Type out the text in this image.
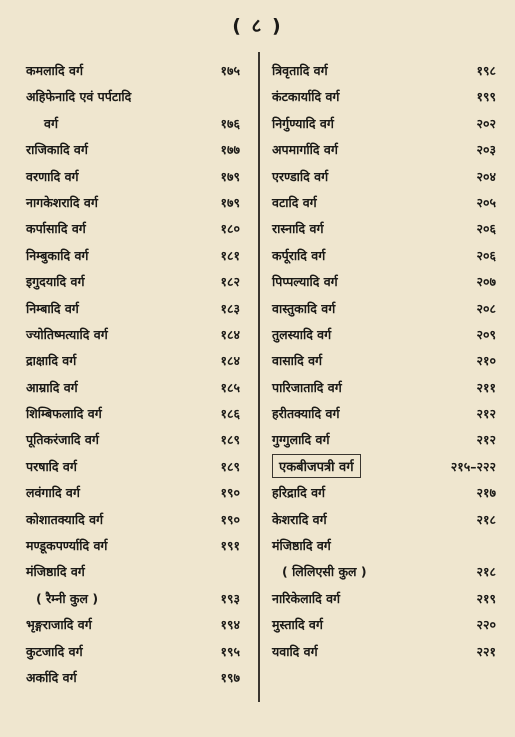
( ८ )
कमलादि वर्ग	१७५
अहिफेनादि एवं पर्पटादि
वर्ग	१७६
राजिकादि वर्ग	१७७
वरणादि वर्ग	१७९
नागकेशरादि वर्ग	१७९
कर्पासादि वर्ग	१८०
निम्बुकादि वर्ग	१८१
इगुदयादि वर्ग	१८२
निम्बादि वर्ग	१८३
ज्योतिष्मत्यादि वर्ग	१८४
द्राक्षादि वर्ग	१८४
आम्रादि वर्ग	१८५
शिम्बिफलादि वर्ग	१८६
पूतिकरंजादि वर्ग	१८९
परषादि वर्ग	१८९
लवंगादि वर्ग	१९०
कोशातक्यादि वर्ग	१९०
मण्डूकपर्ण्यादि वर्ग	१९१
मंजिष्ठादि वर्ग
( रैम्नी कुल )	१९३
भृङ्गराजादि वर्ग	१९४
कुटजादि वर्ग	१९५
अर्कादि वर्ग	१९७
त्रिवृतादि वर्ग	१९८
कंटकार्यादि वर्ग	१९९
निर्गुण्यादि वर्ग	२०२
अपमार्गादि वर्ग	२०३
एरण्डादि वर्ग	२०४
वटादि वर्ग	२०५
रास्नादि वर्ग	२०६
कर्पूरादि वर्ग	२०६
पिप्पल्यादि वर्ग	२०७
वास्तुकादि वर्ग	२०८
तुलस्यादि वर्ग	२०९
वासादि वर्ग	२१०
पारिजातादि वर्ग	२११
हरीतक्यादि वर्ग	२१२
गुग्गुलादि वर्ग	२१२
एकबीजपत्री वर्ग	२१५–२२२
हरिद्रादि वर्ग	२१७
केशरादि वर्ग	२१८
मंजिष्ठादि वर्ग
( लिलिएसी कुल )	२१८
नारिकेलादि वर्ग	२१९
मुस्तादि वर्ग	२२०
यवादि वर्ग	२२१
